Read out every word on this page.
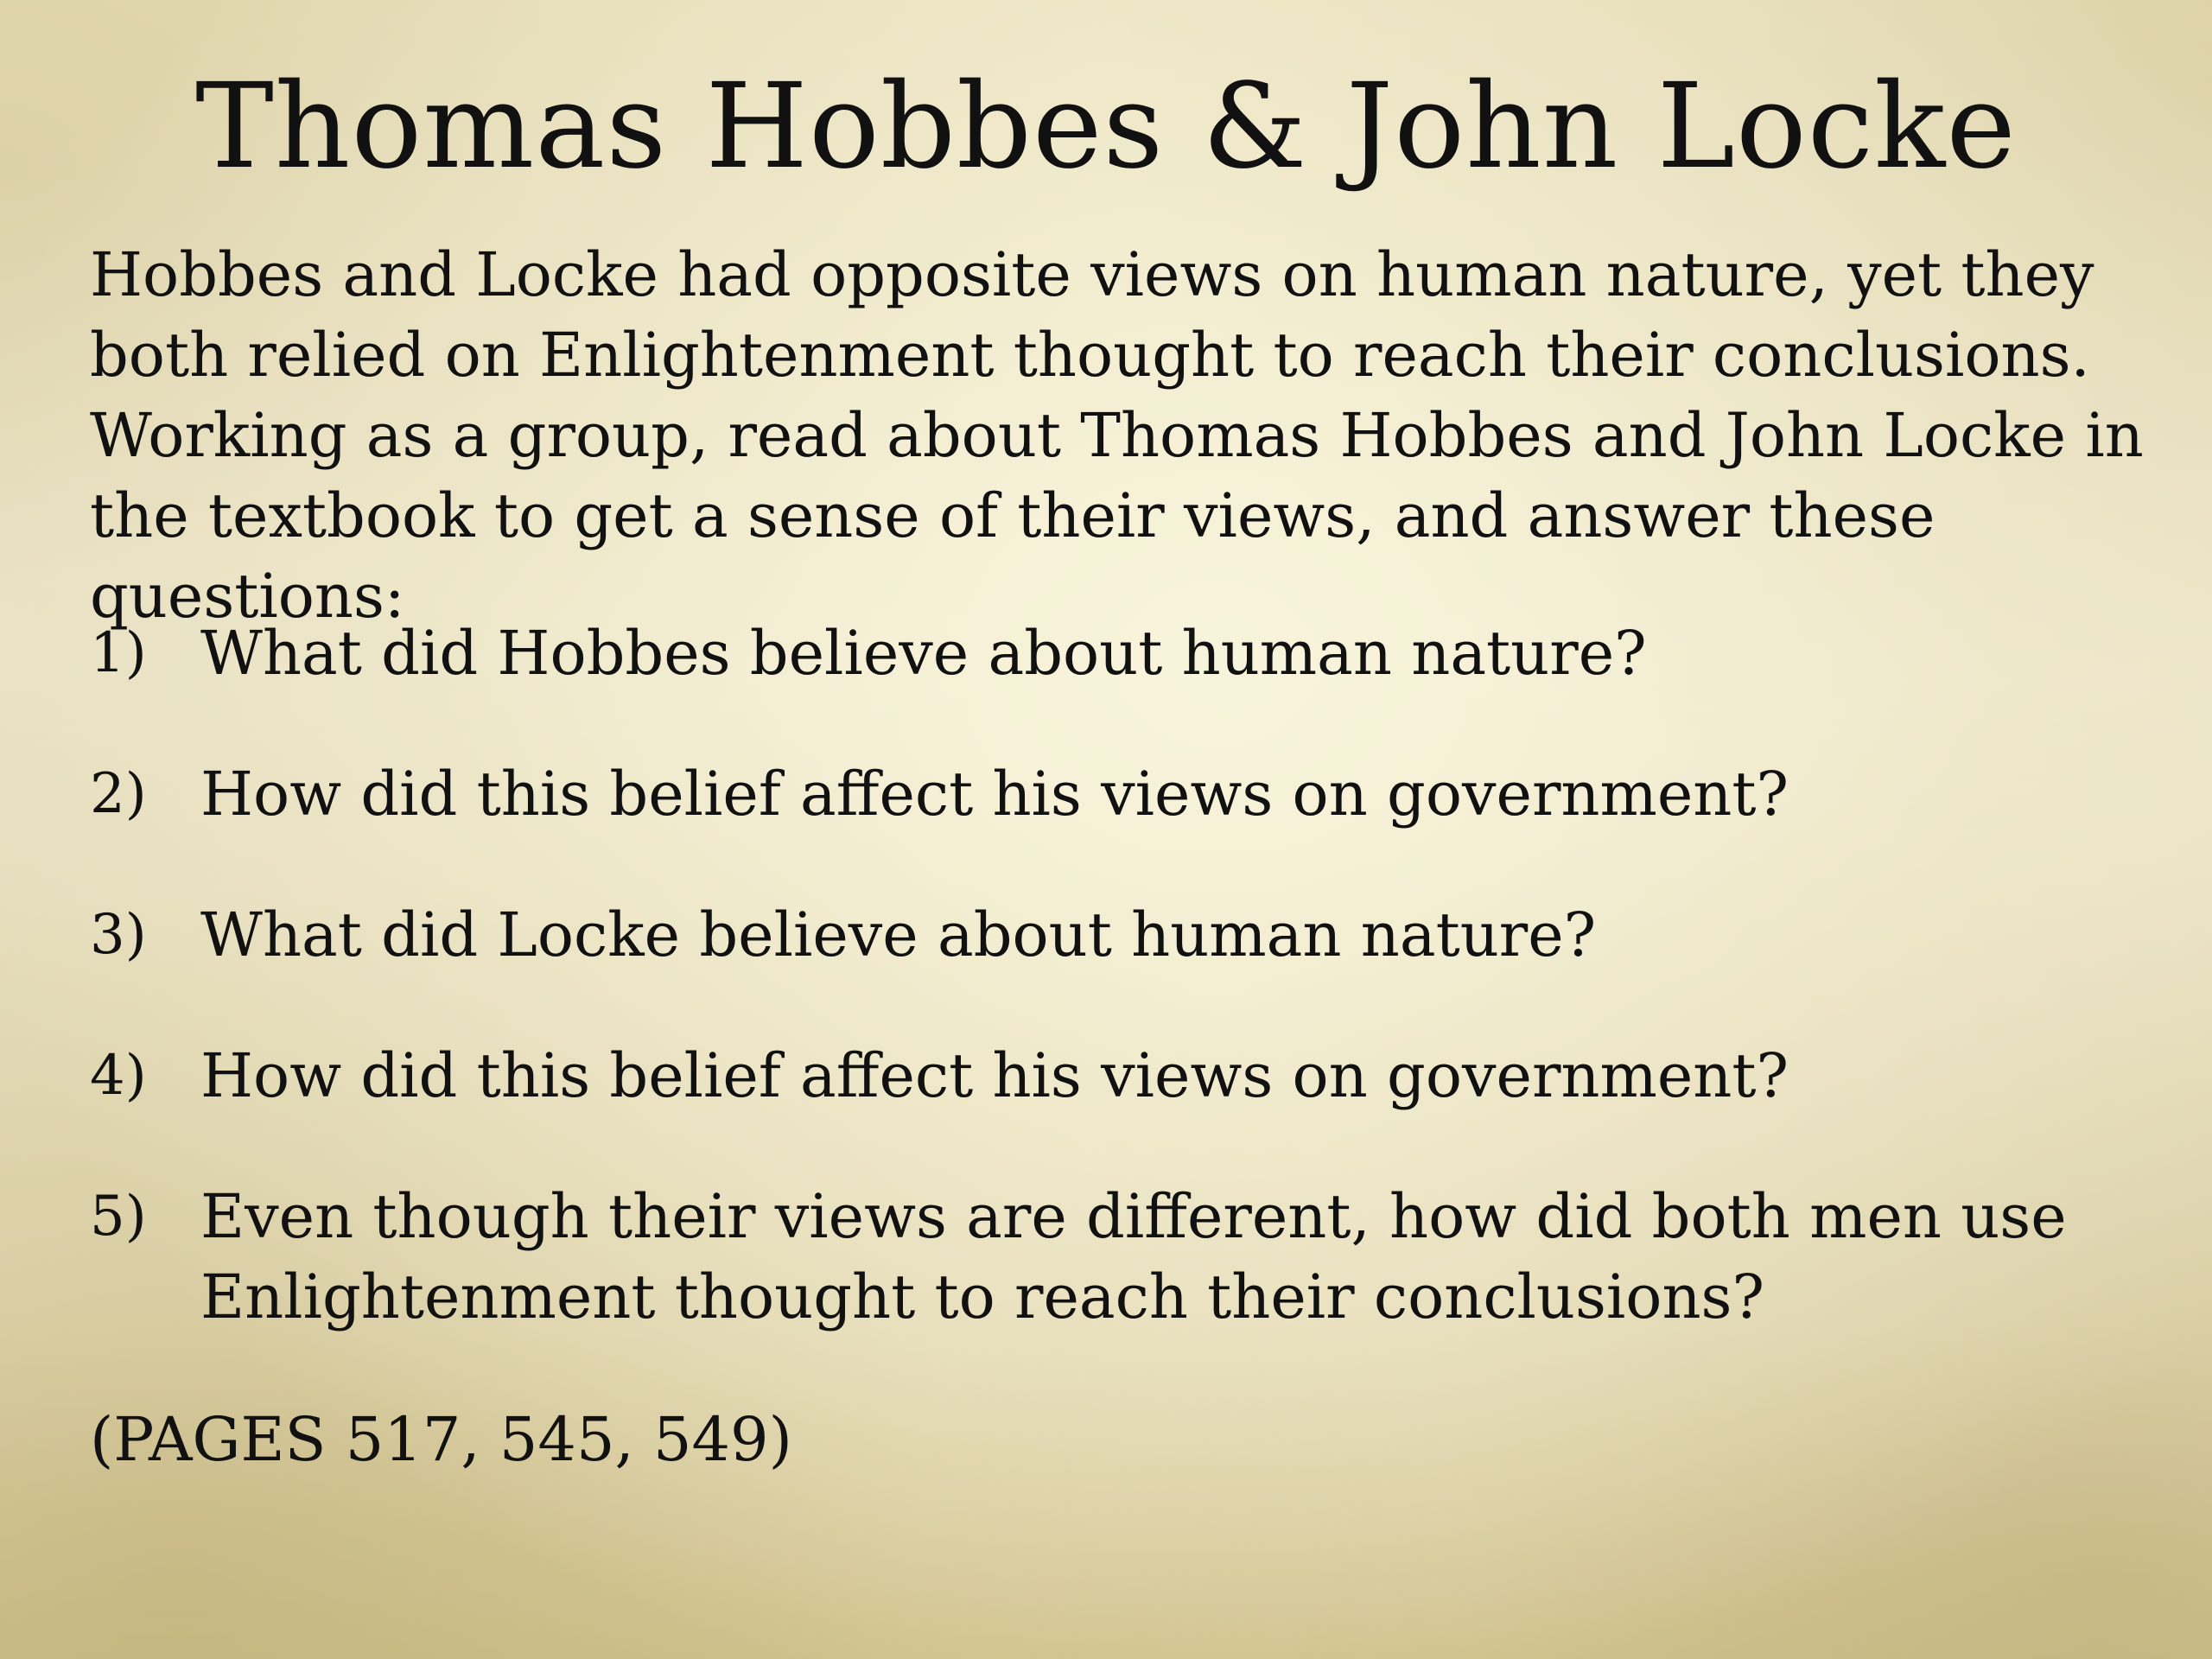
Thomas Hobbes & John Locke

Hobbes and Locke had opposite views on human nature, yet they both relied on Enlightenment thought to reach their conclusions. Working as a group, read about Thomas Hobbes and John Locke in the textbook to get a sense of their views, and answer these questions:

1) What did Hobbes believe about human nature?
2) How did this belief affect his views on government?
3) What did Locke believe about human nature?
4) How did this belief affect his views on government?
5) Even though their views are different, how did both men use Enlightenment thought to reach their conclusions?

(PAGES 517, 545, 549)
